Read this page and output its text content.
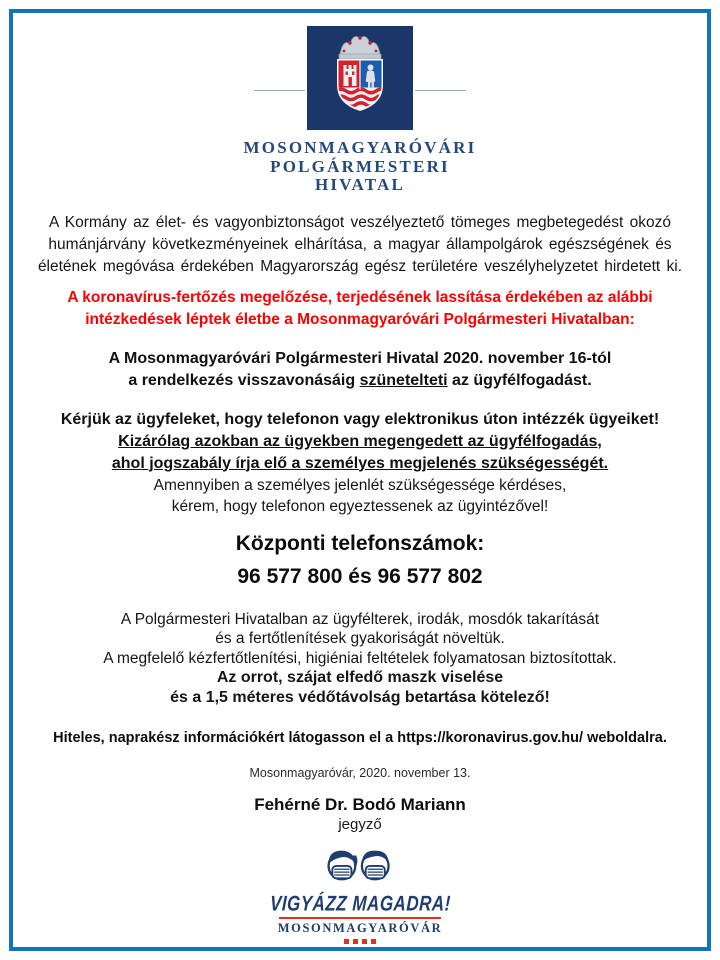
MOSONMAGYARÓVÁRI
POLGÁRMESTERI
HIVATAL
A Kormány az élet- és vagyonbiztonságot veszélyeztető tömeges megbetegedést okozó
humánjárvány következményeinek elhárítása, a magyar állampolgárok egészségének és
életének megóvása érdekében Magyarország egész területére veszélyhelyzetet hirdetett ki.
A koronavírus-fertőzés megelőzése, terjedésének lassítása érdekében az alábbi
intézkedések léptek életbe a Mosonmagyaróvári Polgármesteri Hivatalban:
A Mosonmagyaróvári Polgármesteri Hivatal 2020. november 16-tól
a rendelkezés visszavonásáig szünetelteti az ügyfélfogadást.
Kérjük az ügyfeleket, hogy telefonon vagy elektronikus úton intézzék ügyeiket!
Kizárólag azokban az ügyekben megengedett az ügyfélfogadás,
ahol jogszabály írja elő a személyes megjelenés szükségességét.
Amennyiben a személyes jelenlét szükségessége kérdéses,
kérem, hogy telefonon egyeztessenek az ügyintézővel!
Központi telefonszámok:
96 577 800 és 96 577 802
A Polgármesteri Hivatalban az ügyfélterek, irodák, mosdók takarítását
és a fertőtlenítések gyakoriságát növeltük.
A megfelelő kézfertőtlenítési, higiéniai feltételek folyamatosan biztosítottak.
Az orrot, szájat elfedő maszk viselése
és a 1,5 méteres védőtávolság betartása kötelező!
Hiteles, naprakész információkért látogasson el a https://koronavirus.gov.hu/ weboldalra.
Mosonmagyaróvár, 2020. november 13.
Fehérné Dr. Bodó Mariann
jegyző
VIGYÁZZ MAGADRA!
MOSONMAGYARÓVÁR
